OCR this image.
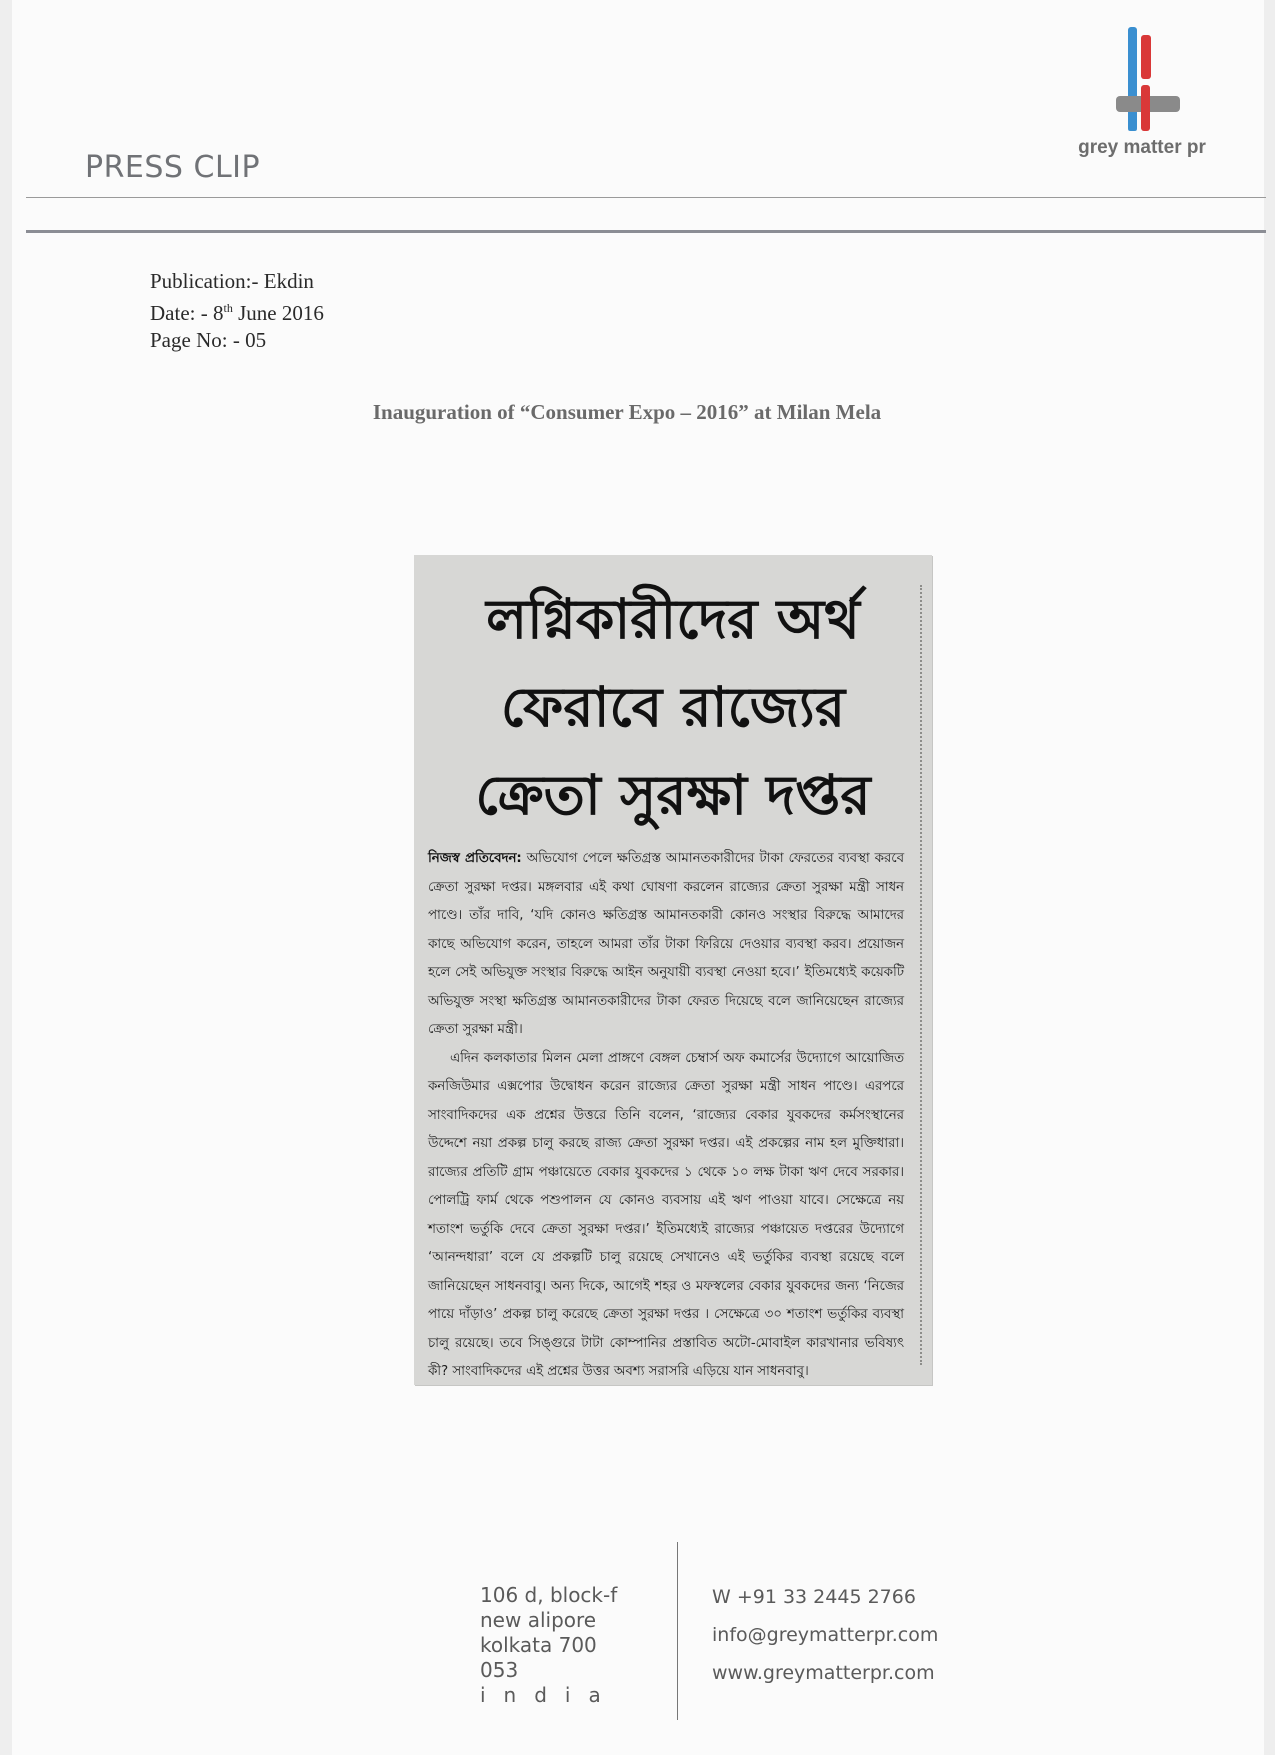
grey matter pr
PRESS CLIP
Publication:- Ekdin
Date: - 8th June 2016
Page No: - 05
Inauguration of “Consumer Expo – 2016” at Milan Mela
লগ্নিকারীদের অর্থ
ফেরাবে রাজ্যের
ক্রেতা সুরক্ষা দপ্তর

নিজস্ব প্রতিবেদন: অভিযোগ পেলে ক্ষতিগ্রস্ত আমানতকারীদের টাকা ফেরতের ব্যবস্থা করবে ক্রেতা সুরক্ষা দপ্তর। মঙ্গলবার এই কথা ঘোষণা করলেন রাজ্যের ক্রেতা সুরক্ষা মন্ত্রী সাধন পাণ্ডে। তাঁর দাবি, ‘যদি কোনও ক্ষতিগ্রস্ত আমানতকারী কোনও সংস্থার বিরুদ্ধে আমাদের কাছে অভিযোগ করেন, তাহলে আমরা তাঁর টাকা ফিরিয়ে দেওয়ার ব্যবস্থা করব। প্রয়োজন হলে সেই অভিযুক্ত সংস্থার বিরুদ্ধে আইন অনুযায়ী ব্যবস্থা নেওয়া হবে।’ ইতিমধ্যেই কয়েকটি অভিযুক্ত সংস্থা ক্ষতিগ্রস্ত আমানতকারীদের টাকা ফেরত দিয়েছে বলে জানিয়েছেন রাজ্যের ক্রেতা সুরক্ষা মন্ত্রী।

এদিন কলকাতার মিলন মেলা প্রাঙ্গণে বেঙ্গল চেম্বার্স অফ কমার্সের উদ্যোগে আয়োজিত কনজিউমার এক্সপোর উদ্বোধন করেন রাজ্যের ক্রেতা সুরক্ষা মন্ত্রী সাধন পাণ্ডে। এরপরে সাংবাদিকদের এক প্রশ্নের উত্তরে তিনি বলেন, ‘রাজ্যের বেকার যুবকদের কর্মসংস্থানের উদ্দেশে নয়া প্রকল্প চালু করছে রাজ্য ক্রেতা সুরক্ষা দপ্তর। এই প্রকল্পের নাম হল মুক্তিধারা। রাজ্যের প্রতিটি গ্রাম পঞ্চায়েতে বেকার যুবকদের ১ থেকে ১০ লক্ষ টাকা ঋণ দেবে সরকার। পোলট্রি ফার্ম থেকে পশুপালন যে কোনও ব্যবসায় এই ঋণ পাওয়া যাবে। সেক্ষেত্রে নয় শতাংশ ভর্তুকি দেবে ক্রেতা সুরক্ষা দপ্তর।’ ইতিমধ্যেই রাজ্যের পঞ্চায়েত দপ্তরের উদ্যোগে ‘আনন্দধারা’ বলে যে প্রকল্পটি চালু রয়েছে সেখানেও এই ভর্তুকির ব্যবস্থা রয়েছে বলে জানিয়েছেন সাধনবাবু। অন্য দিকে, আগেই শহর ও মফস্বলের বেকার যুবকদের জন্য ‘নিজের পায়ে দাঁড়াও’ প্রকল্প চালু করেছে ক্রেতা সুরক্ষা দপ্তর । সেক্ষেত্রে ৩০ শতাংশ ভর্তুকির ব্যবস্থা চালু রয়েছে। তবে সিঙ্গুরে টাটা কোম্পানির প্রস্তাবিত অটো-মোবাইল কারখানার ভবিষ্যৎ কী? সাংবাদিকদের এই প্রশ্নের উত্তর অবশ্য সরাসরি এড়িয়ে যান সাধনবাবু।

106 d, block-f
new alipore
kolkata 700 053
india
W +91 33 2445 2766
info@greymatterpr.com
www.greymatterpr.com
